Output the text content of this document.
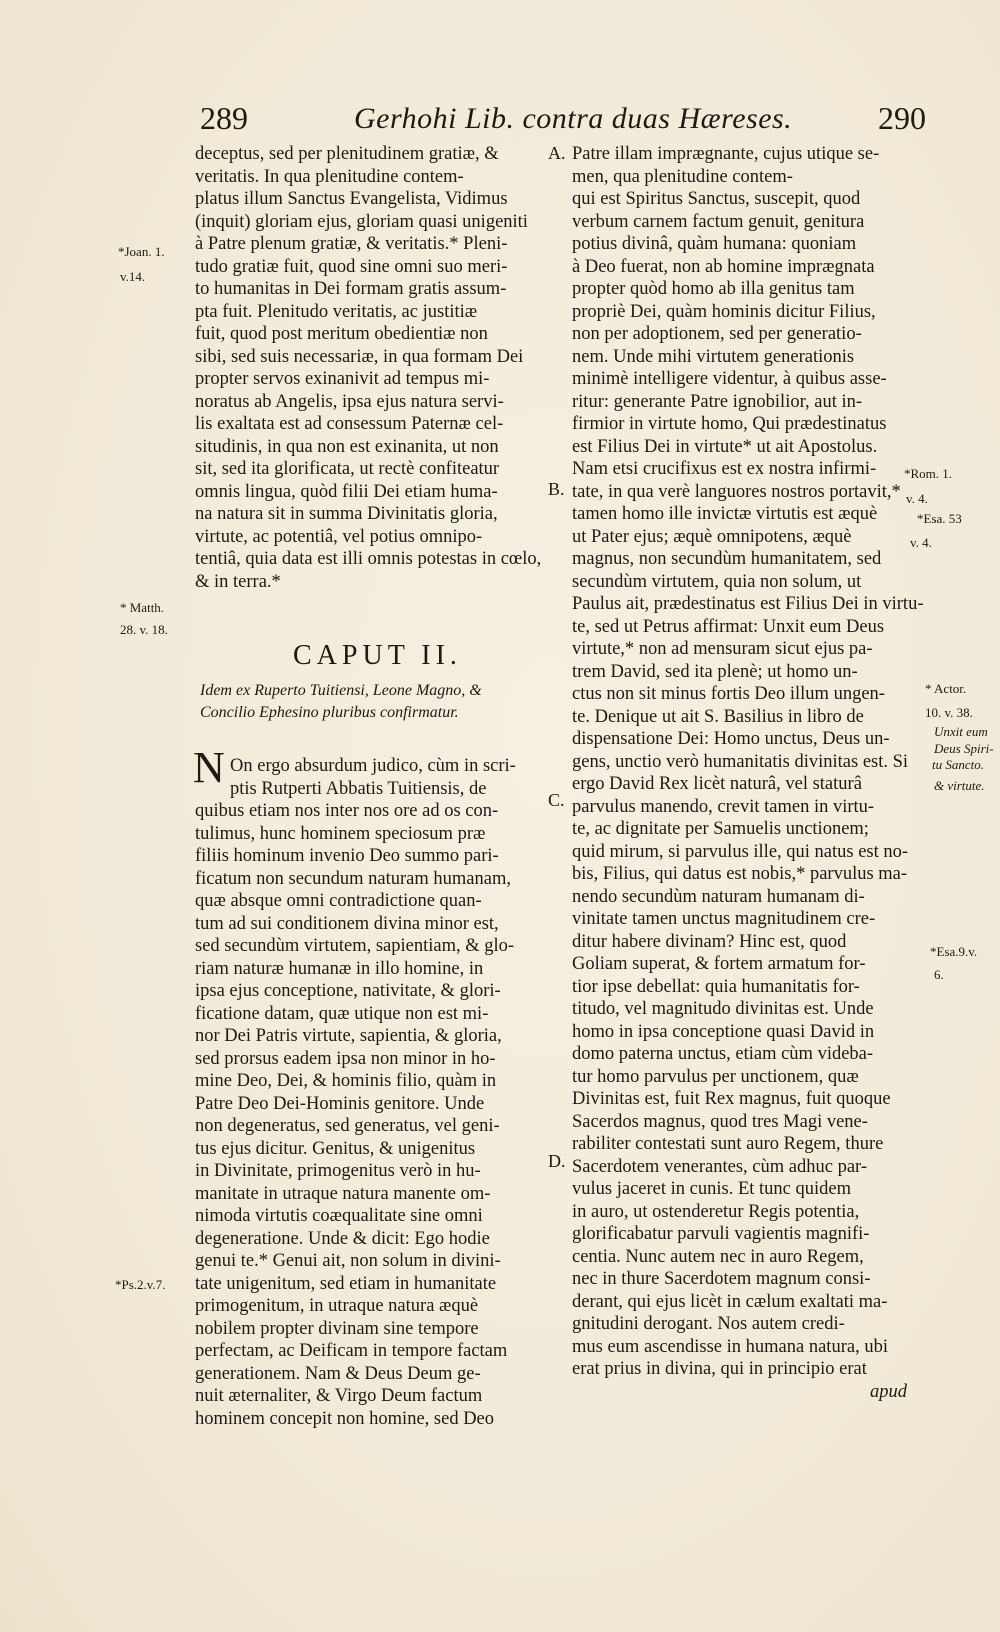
289	Gerhohi Lib. contra duas Hæreses.	290
deceptus, sed per plenitudinem gratiæ, &
veritatis. In qua plenitudine contem-
platus illum Sanctus Evangelista, Vidimus
(inquit) gloriam ejus, gloriam quasi unigeniti
à Patre plenum gratiæ, & veritatis.* Pleni-
tudo gratiæ fuit, quod sine omni suo meri-
to humanitas in Dei formam gratis assum-
pta fuit. Plenitudo veritatis, ac justitiæ
fuit, quod post meritum obedientiæ non
sibi, sed suis necessariæ, in qua formam Dei
propter servos exinanivit ad tempus mi-
noratus ab Angelis, ipsa ejus natura servi-
lis exaltata est ad consessum Paternæ cel-
situdinis, in qua non est exinanita, ut non
sit, sed ita glorificata, ut rectè confiteatur
omnis lingua, quòd filii Dei etiam huma-
na natura sit in summa Divinitatis gloria,
virtute, ac potentiâ, vel potius omnipo-
tentiâ, quia data est illi omnis potestas in cœlo,
& in terra.*
CAPUT II.
Idem ex Ruperto Tuitiensi, Leone Magno, &
Concilio Ephesino pluribus confirmatur.
N On ergo absurdum judico, cùm in scri-
ptis Rutperti Abbatis Tuitiensis, de
quibus etiam nos inter nos ore ad os con-
tulimus, hunc hominem speciosum præ
filiis hominum invenio Deo summo pari-
ficatum non secundum naturam humanam,
quæ absque omni contradictione quan-
tum ad sui conditionem divina minor est,
sed secundùm virtutem, sapientiam, & glo-
riam naturæ humanæ in illo homine, in
ipsa ejus conceptione, nativitate, & glori-
ficatione datam, quæ utique non est mi-
nor Dei Patris virtute, sapientia, & gloria,
sed prorsus eadem ipsa non minor in ho-
mine Deo, Dei, & hominis filio, quàm in
Patre Deo Dei-Hominis genitore. Unde
non degeneratus, sed generatus, vel geni-
tus ejus dicitur. Genitus, & unigenitus
in Divinitate, primogenitus verò in hu-
manitate in utraque natura manente om-
nimoda virtutis coæqualitate sine omni
degeneratione. Unde & dicit: Ego hodie
genui te.* Genui ait, non solum in divini-
tate unigenitum, sed etiam in humanitate
primogenitum, in utraque natura æquè
nobilem propter divinam sine tempore
perfectam, ac Deificam in tempore factam
generationem. Nam & Deus Deum ge-
nuit æternaliter, & Virgo Deum factum
hominem concepit non homine, sed Deo
Patre illam imprægnante, cujus utique se-
men, qua plenitudine contem-
qui est Spiritus Sanctus, suscepit, quod
verbum carnem factum genuit, genitura
potius divinâ, quàm humana: quoniam
à Deo fuerat, non ab homine imprægnata
propter quòd homo ab illa genitus tam
propriè Dei, quàm hominis dicitur Filius,
non per adoptionem, sed per generatio-
nem. Unde mihi virtutem generationis
minimè intelligere videntur, à quibus asse-
ritur: generante Patre ignobilior, aut in-
firmior in virtute homo, Qui prædestinatus
est Filius Dei in virtute* ut ait Apostolus.
Nam etsi crucifixus est ex nostra infirmi-
tate, in qua verè languores nostros portavit,*
tamen homo ille invictæ virtutis est æquè
ut Pater ejus; æquè omnipotens, æquè
magnus, non secundùm humanitatem, sed
secundùm virtutem, quia non solum, ut
Paulus ait, prædestinatus est Filius Dei in virtu-
te, sed ut Petrus affirmat: Unxit eum Deus
virtute,* non ad mensuram sicut ejus pa-
trem David, sed ita plenè; ut homo un-
ctus non sit minus fortis Deo illum ungen-
te. Denique ut ait S. Basilius in libro de
dispensatione Dei: Homo unctus, Deus un-
gens, unctio verò humanitatis divinitas est. Si
ergo David Rex licèt naturâ, vel staturâ
parvulus manendo, crevit tamen in virtu-
te, ac dignitate per Samuelis unctionem;
quid mirum, si parvulus ille, qui natus est no-
bis, Filius, qui datus est nobis,* parvulus ma-
nendo secundùm naturam humanam di-
vinitate tamen unctus magnitudinem cre-
ditur habere divinam? Hinc est, quod
Goliam superat, & fortem armatum for-
tior ipse debellat: quia humanitatis for-
titudo, vel magnitudo divinitas est. Unde
homo in ipsa conceptione quasi David in
domo paterna unctus, etiam cùm videba-
tur homo parvulus per unctionem, quæ
Divinitas est, fuit Rex magnus, fuit quoque
Sacerdos magnus, quod tres Magi vene-
rabiliter contestati sunt auro Regem, thure
Sacerdotem venerantes, cùm adhuc par-
vulus jaceret in cunis. Et tunc quidem
in auro, ut ostenderetur Regis potentia,
glorificabatur parvuli vagientis magnifi-
centia. Nunc autem nec in auro Regem,
nec in thure Sacerdotem magnum consi-
derant, qui ejus licèt in cælum exaltati ma-
gnitudini derogant. Nos autem credi-
mus eum ascendisse in humana natura, ubi
erat prius in divina, qui in principio erat
apud
A.
B.
C.
D.
*Joan. 1.
v.14.
* Matth.
28. v. 18.
*Ps.2.v.7.
*Rom. 1.
v. 4.
*Esa. 53
v. 4.
* Actor.
10. v. 38.
Unxit eum
Deus Spiri-
tu Sancto.
& virtute.
*Esa.9.v.
6.
